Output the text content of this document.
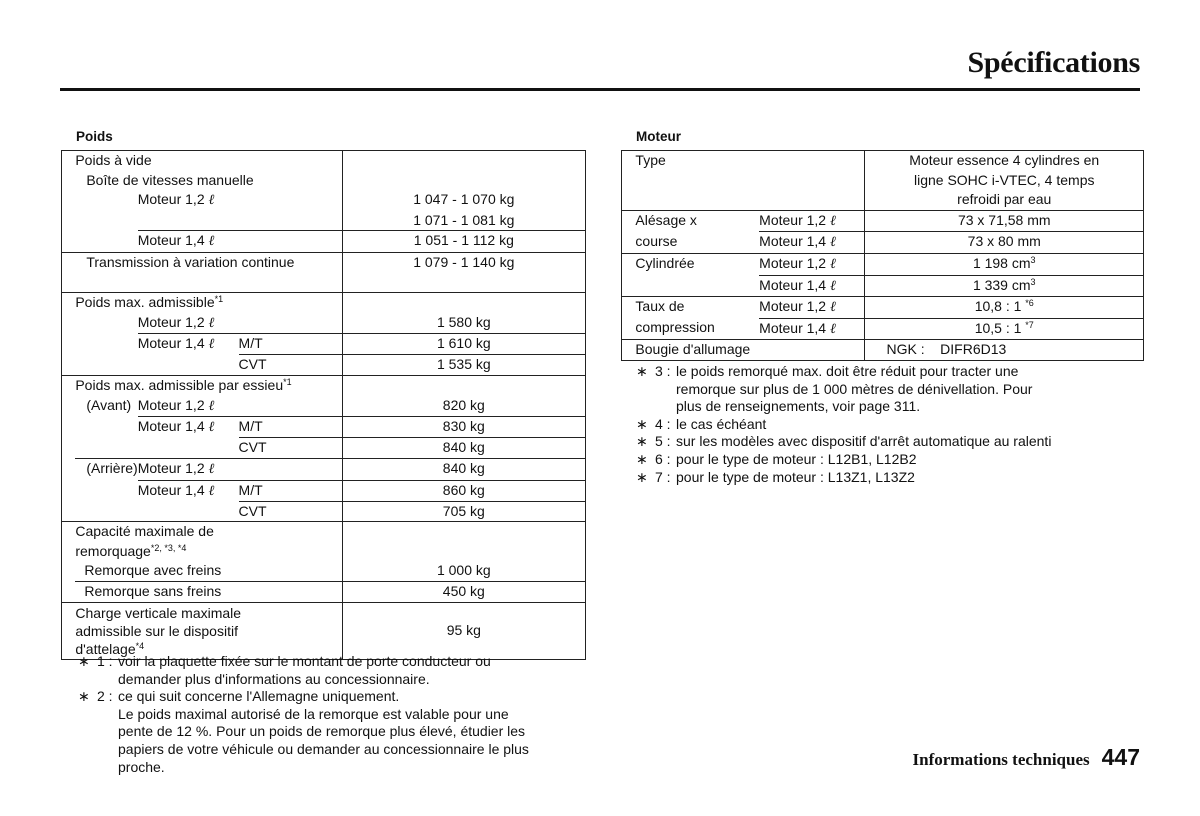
Spécifications
Poids
	Poids à vide			
	Boîte de vitesses manuelle			
		Moteur 1,2 ℓ		1 047 - 1 070 kg
				1 071 - 1 081 kg
		Moteur 1,4 ℓ		1 051 - 1 112 kg
	Transmission à variation continue			1 079 - 1 140 kg

	Poids max. admissible$^{*1}$	
		Moteur 1,2 ℓ		1 580 kg
		Moteur 1,4 ℓ	M/T	1 610 kg
			CVT	1 535 kg
	Poids max. admissible par essieu$^{*1}$	
	(Avant)	Moteur 1,2 ℓ		820 kg
		Moteur 1,4 ℓ	M/T	830 kg
			CVT	840 kg
	(Arrière)	Moteur 1,2 ℓ		840 kg
		Moteur 1,4 ℓ	M/T	860 kg
			CVT	705 kg
	Capacité maximale de			
	remorquage$^{*2, *3, *4}$	
	Remorque avec freins			1 000 kg
	Remorque sans freins			450 kg

	Charge verticale maximale
admissible sur le dispositif
d'attelage$^{*4}$			95 kg
∗ 1 : voir la plaquette fixée sur le montant de porte conducteur ou
demander plus d'informations au concessionnaire.
∗ 2 : ce qui suit concerne l'Allemagne uniquement.
Le poids maximal autorisé de la remorque est valable pour une
pente de 12 %. Pour un poids de remorque plus élevé, étudier les
papiers de votre véhicule ou demander au concessionnaire le plus
proche.
Moteur
	Type		Moteur essence 4 cylindres en
			ligne SOHC i-VTEC, 4 temps
			refroidi par eau
	Alésage x	Moteur 1,2 ℓ	73 x 71,58 mm
	course	Moteur 1,4 ℓ	73 x 80 mm
	Cylindrée	Moteur 1,2 ℓ	1 198 $cm^3$
		Moteur 1,4 ℓ	1 339 $cm^3$
	Taux de	Moteur 1,2 ℓ	10,8 : 1 $^{*6}$
	compression	Moteur 1,4 ℓ	10,5 : 1 $^{*7}$
	Bougie d'allumage		NGK : DIFR6D13
∗ 3 : le poids remorqué max. doit être réduit pour tracter une
remorque sur plus de 1 000 mètres de dénivellation. Pour
plus de renseignements, voir page 311.
∗ 4 : le cas échéant
∗ 5 : sur les modèles avec dispositif d'arrêt automatique au ralenti
∗ 6 : pour le type de moteur : L12B1, L12B2
∗ 7 : pour le type de moteur : L13Z1, L13Z2
Informations techniques 447
